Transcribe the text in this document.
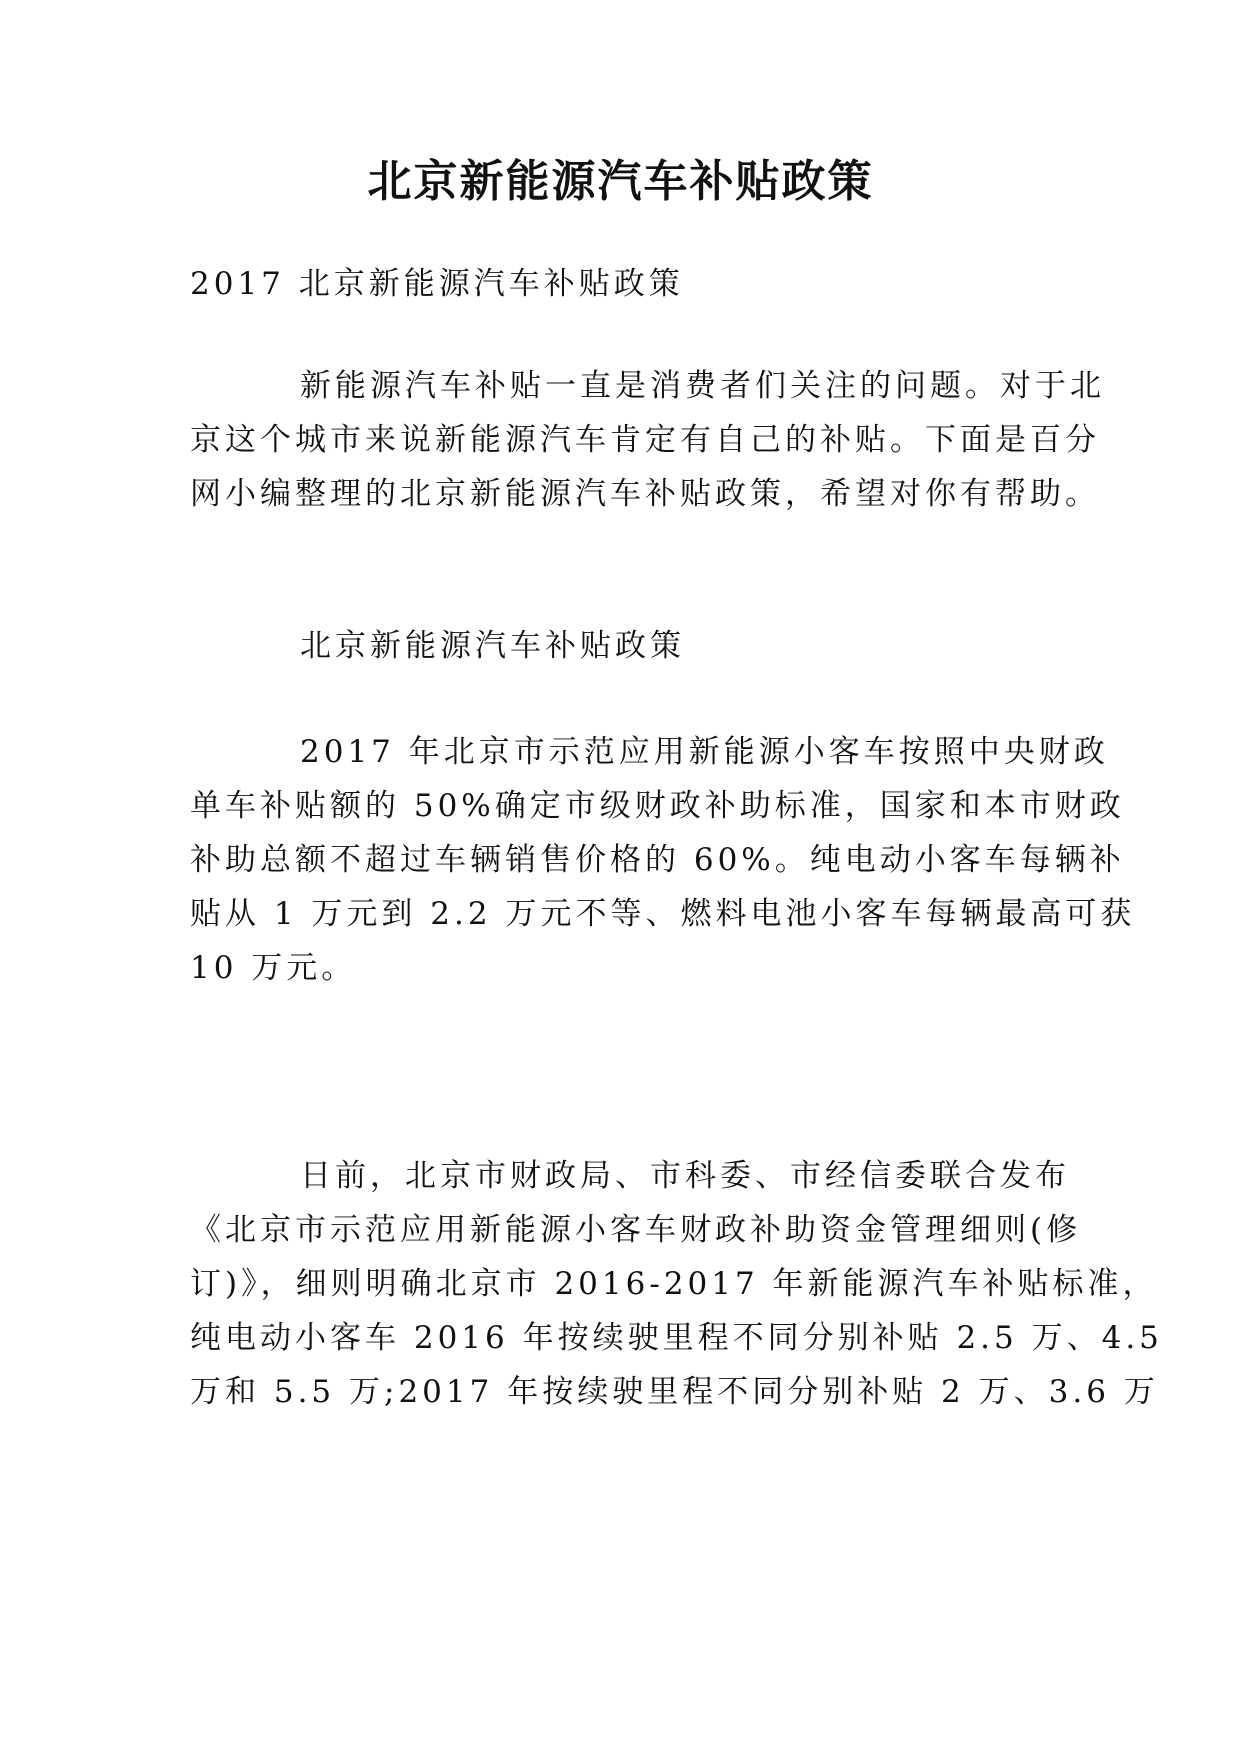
北京新能源汽车补贴政策

2017 北京新能源汽车补贴政策

新能源汽车补贴一直是消费者们关注的问题。对于北

京这个城市来说新能源汽车肯定有自己的补贴。下面是百分

网小编整理的北京新能源汽车补贴政策，希望对你有帮助。

北京新能源汽车补贴政策

2017 年北京市示范应用新能源小客车按照中央财政

单车补贴额的 50%确定市级财政补助标准，国家和本市财政

补助总额不超过车辆销售价格的 60%。纯电动小客车每辆补

贴从 1 万元到 2.2 万元不等、燃料电池小客车每辆最高可获

10 万元。

日前，北京市财政局、市科委、市经信委联合发布

《北京市示范应用新能源小客车财政补助资金管理细则(修

订)》，细则明确北京市 2016-2017 年新能源汽车补贴标准，

纯电动小客车 2016 年按续驶里程不同分别补贴 2.5 万、4.5

万和 5.5 万;2017 年按续驶里程不同分别补贴 2 万、3.6 万
